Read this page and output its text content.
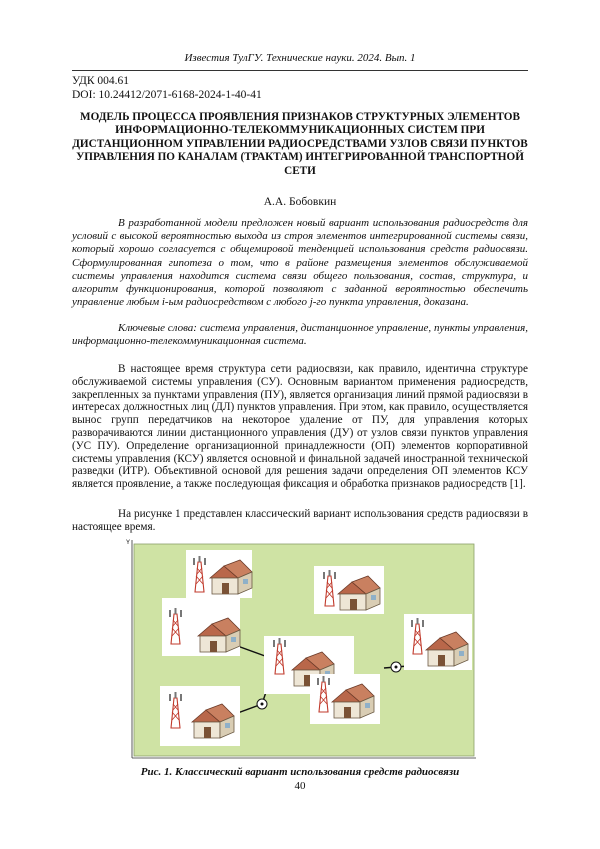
Известия ТулГУ. Технические науки. 2024. Вып. 1
УДК 004.61
DOI: 10.24412/2071-6168-2024-1-40-41
МОДЕЛЬ ПРОЦЕССА ПРОЯВЛЕНИЯ ПРИЗНАКОВ СТРУКТУРНЫХ ЭЛЕМЕНТОВ ИНФОРМАЦИОННО-ТЕЛЕКОММУНИКАЦИОННЫХ СИСТЕМ ПРИ ДИСТАНЦИОННОМ УПРАВЛЕНИИ РАДИОСРЕДСТВАМИ УЗЛОВ СВЯЗИ ПУНКТОВ УПРАВЛЕНИЯ ПО КАНАЛАМ (ТРАКТАМ) ИНТЕГРИРОВАННОЙ ТРАНСПОРТНОЙ СЕТИ
А.А. Бобовкин

В разработанной модели предложен новый вариант использования радиосредств для условий с высокой вероятностью выхода из строя элементов интегрированной системы связи, который хорошо согласуется с общемировой тенденцией использования средств радиосвязи. Сформулированная гипотеза о том, что в районе размещения элементов обслуживаемой системы управления находится система связи общего пользования, состав, структура, и алгоритм функционирования, которой позволяют с заданной вероятностью обеспечить управление любым i-ым радиосредством с любого j-го пункта управления, доказана.

Ключевые слова: система управления, дистанционное управление, пункты управления, информационно-телекоммуникационная система.

В настоящее время структура сети радиосвязи, как правило, идентична структуре обслуживаемой системы управления (СУ). Основным вариантом применения радиосредств, закрепленных за пунктами управления (ПУ), является организация линий прямой радиосвязи в интересах должностных лиц (ДЛ) пунктов управления. При этом, как правило, осуществляется вынос групп передатчиков на некоторое удаление от ПУ, для управления которых разворачиваются линии дистанционного управления (ДУ) от узлов связи пунктов управления (УС ПУ). Определение организационной принадлежности (ОП) элементов корпоративной системы управления (КСУ) является основной и финальной задачей иностранной технической разведки (ИТР). Объективной основой для решения задачи определения ОП элементов КСУ является проявление, а также последующая фиксация и обработка признаков радиосредств [1].

На рисунке 1 представлен классический вариант использования средств радиосвязи в настоящее время.

Y
Рис. 1. Классический вариант использования средств радиосвязи
40
